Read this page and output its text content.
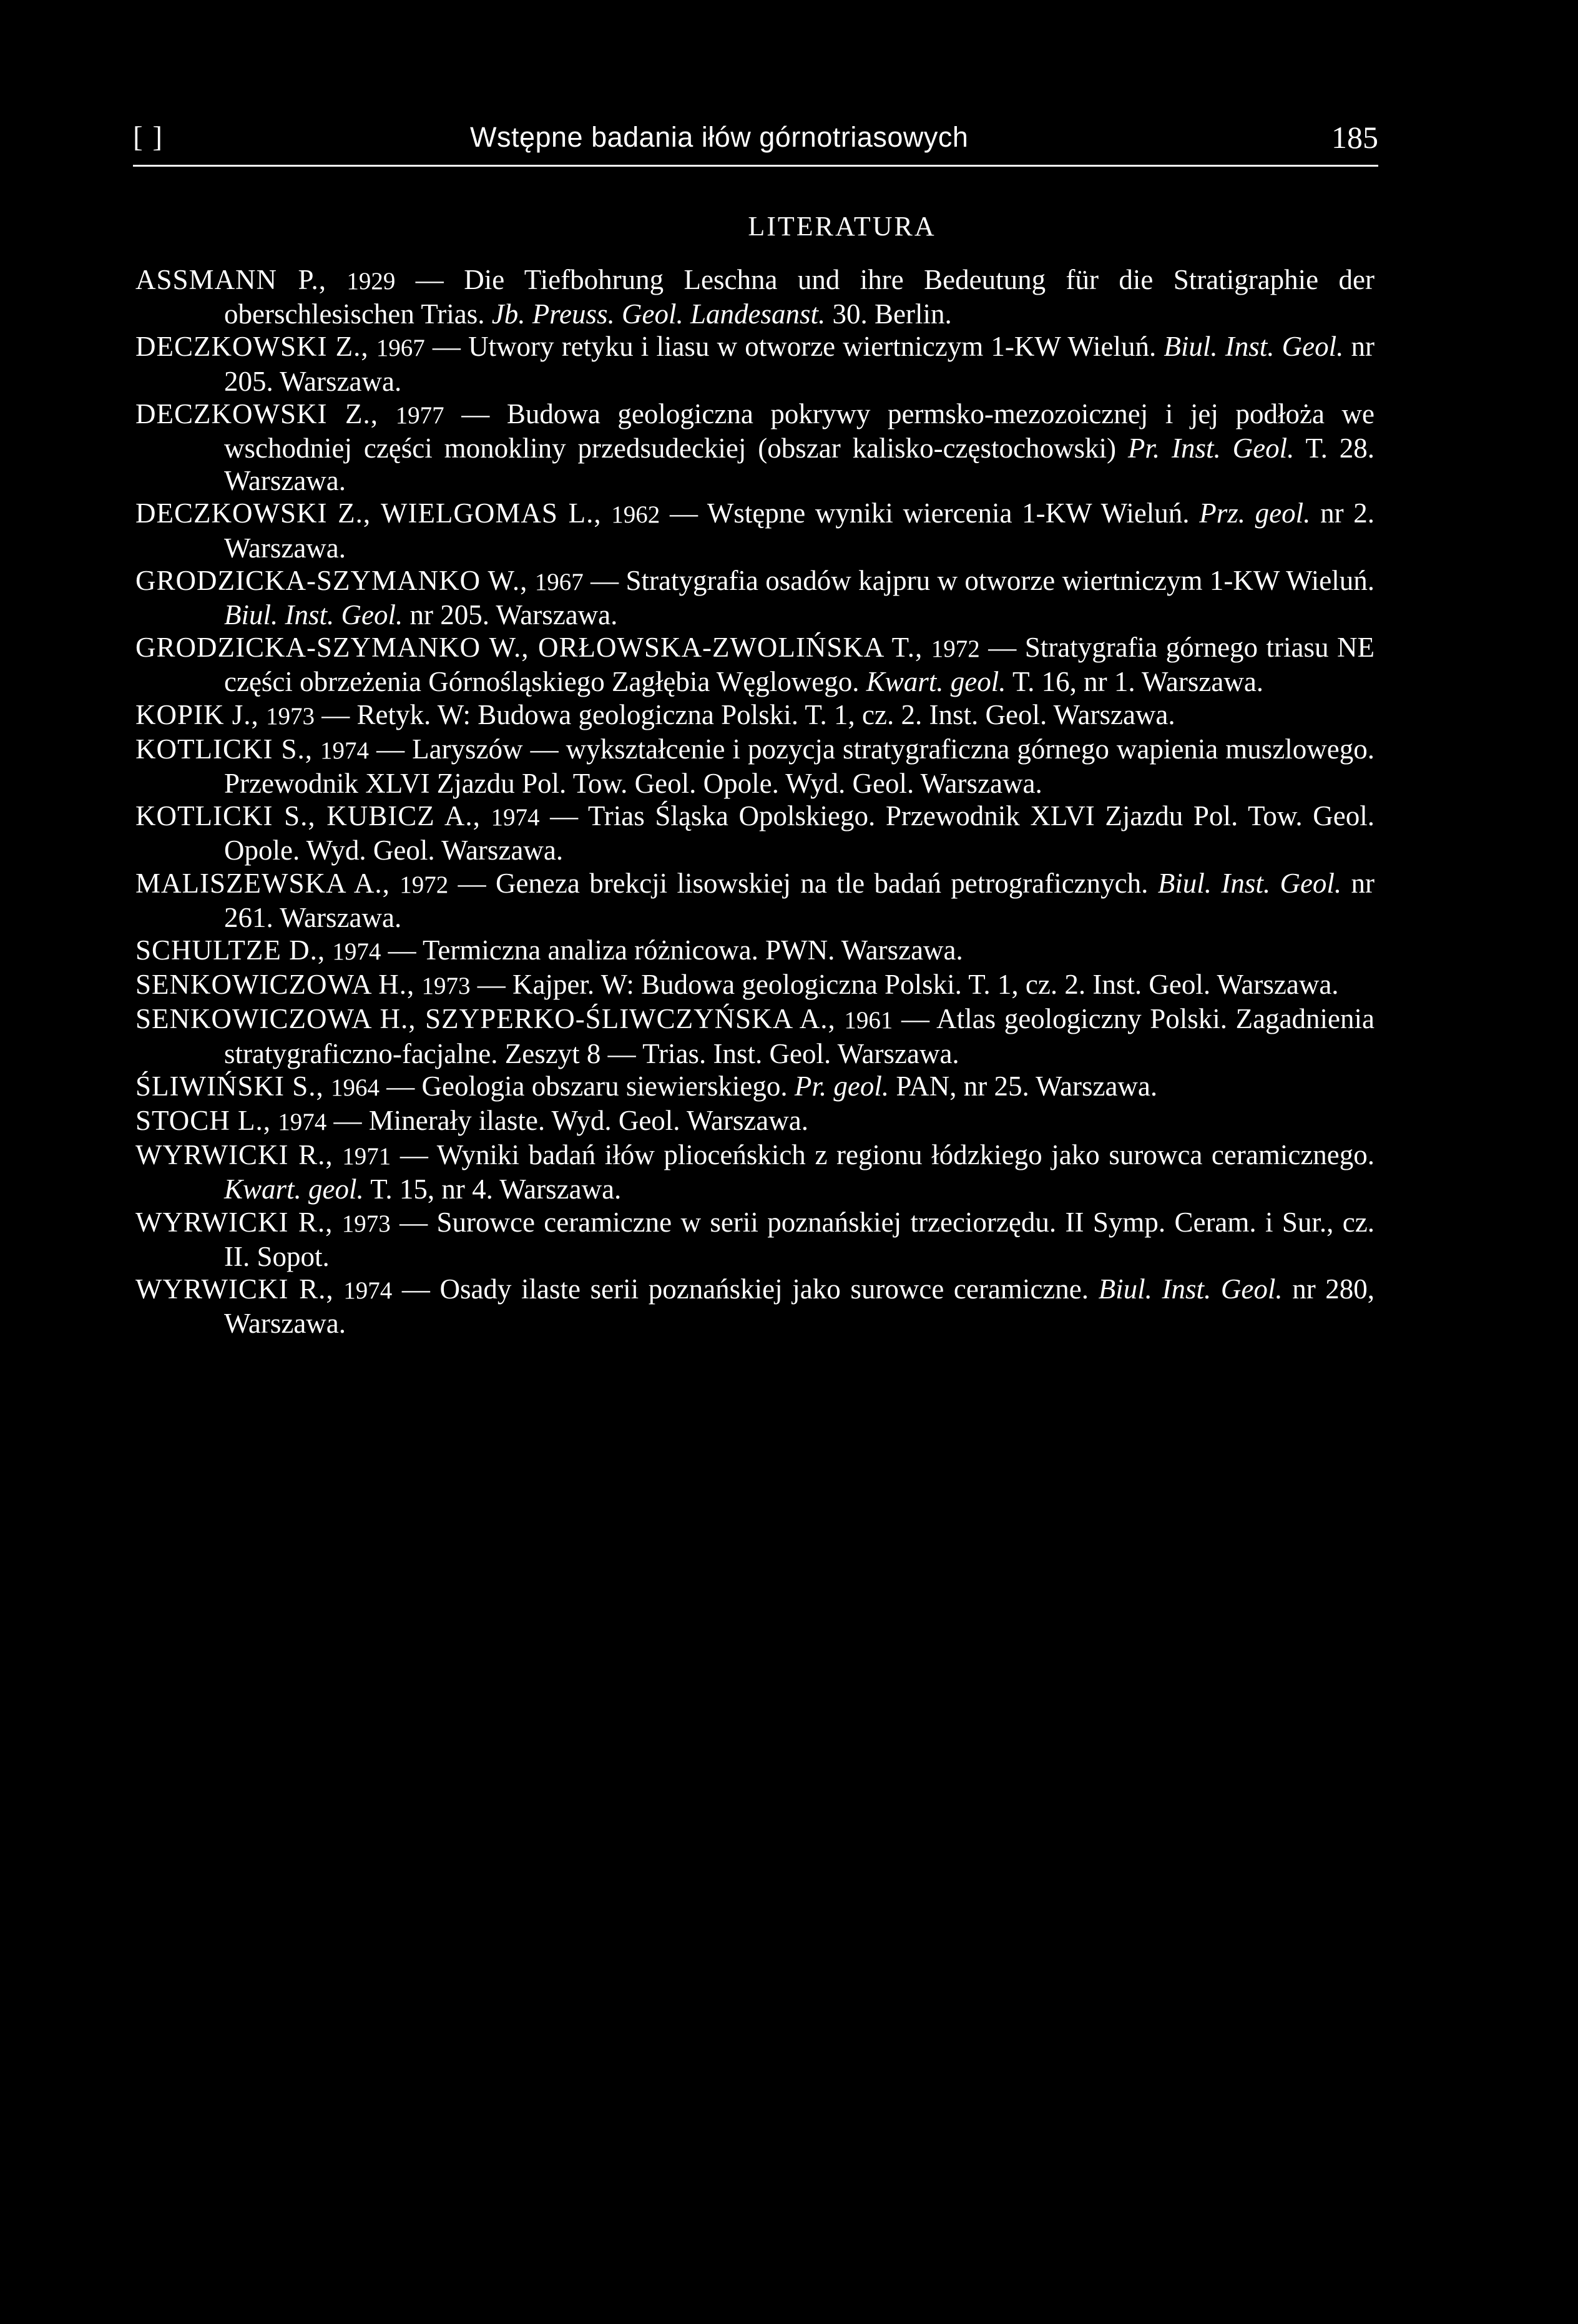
[ ]	Wstępne badania iłów górnotriasowych	185
LITERATURA

ASSMANN P., 1929 — Die Tiefbohrung Leschna und ihre Bedeutung für die Stratigraphie der oberschlesischen Trias. Jb. Preuss. Geol. Landesanst. 30. Berlin.

DECZKOWSKI Z., 1967 — Utwory retyku i liasu w otworze wiertniczym 1-KW Wieluń. Biul. Inst. Geol. nr 205. Warszawa.

DECZKOWSKI Z., 1977 — Budowa geologiczna pokrywy permsko-mezozoicznej i jej podłoża we wschodniej części monokliny przedsudeckiej (obszar kalisko-częstochowski) Pr. Inst. Geol. T. 28. Warszawa.

DECZKOWSKI Z., WIELGOMAS L., 1962 — Wstępne wyniki wiercenia 1-KW Wieluń. Prz. geol. nr 2. Warszawa.

GRODZICKA-SZYMANKO W., 1967 — Stratygrafia osadów kajpru w otworze wiertniczym 1-KW Wieluń. Biul. Inst. Geol. nr 205. Warszawa.

GRODZICKA-SZYMANKO W., ORŁOWSKA-ZWOLIŃSKA T., 1972 — Stratygrafia górnego triasu NE części obrzeżenia Górnośląskiego Zagłębia Węglowego. Kwart. geol. T. 16, nr 1. Warszawa.

KOPIK J., 1973 — Retyk. W: Budowa geologiczna Polski. T. 1, cz. 2. Inst. Geol. Warszawa.

KOTLICKI S., 1974 — Laryszów — wykształcenie i pozycja stratygraficzna górnego wapienia muszlowego. Przewodnik XLVI Zjazdu Pol. Tow. Geol. Opole. Wyd. Geol. Warszawa.

KOTLICKI S., KUBICZ A., 1974 — Trias Śląska Opolskiego. Przewodnik XLVI Zjazdu Pol. Tow. Geol. Opole. Wyd. Geol. Warszawa.

MALISZEWSKA A., 1972 — Geneza brekcji lisowskiej na tle badań petrograficznych. Biul. Inst. Geol. nr 261. Warszawa.

SCHULTZE D., 1974 — Termiczna analiza różnicowa. PWN. Warszawa.

SENKOWICZOWA H., 1973 — Kajper. W: Budowa geologiczna Polski. T. 1, cz. 2. Inst. Geol. Warszawa.

SENKOWICZOWA H., SZYPERKO-ŚLIWCZYŃSKA A., 1961 — Atlas geologiczny Polski. Zagadnienia stratygraficzno-facjalne. Zeszyt 8 — Trias. Inst. Geol. Warszawa.

ŚLIWIŃSKI S., 1964 — Geologia obszaru siewierskiego. Pr. geol. PAN, nr 25. Warszawa.

STOCH L., 1974 — Minerały ilaste. Wyd. Geol. Warszawa.

WYRWICKI R., 1971 — Wyniki badań iłów plioceńskich z regionu łódzkiego jako surowca ceramicznego. Kwart. geol. T. 15, nr 4. Warszawa.

WYRWICKI R., 1973 — Surowce ceramiczne w serii poznańskiej trzeciorzędu. II Symp. Ceram. i Sur., cz. II. Sopot.

WYRWICKI R., 1974 — Osady ilaste serii poznańskiej jako surowce ceramiczne. Biul. Inst. Geol. nr 280, Warszawa.
